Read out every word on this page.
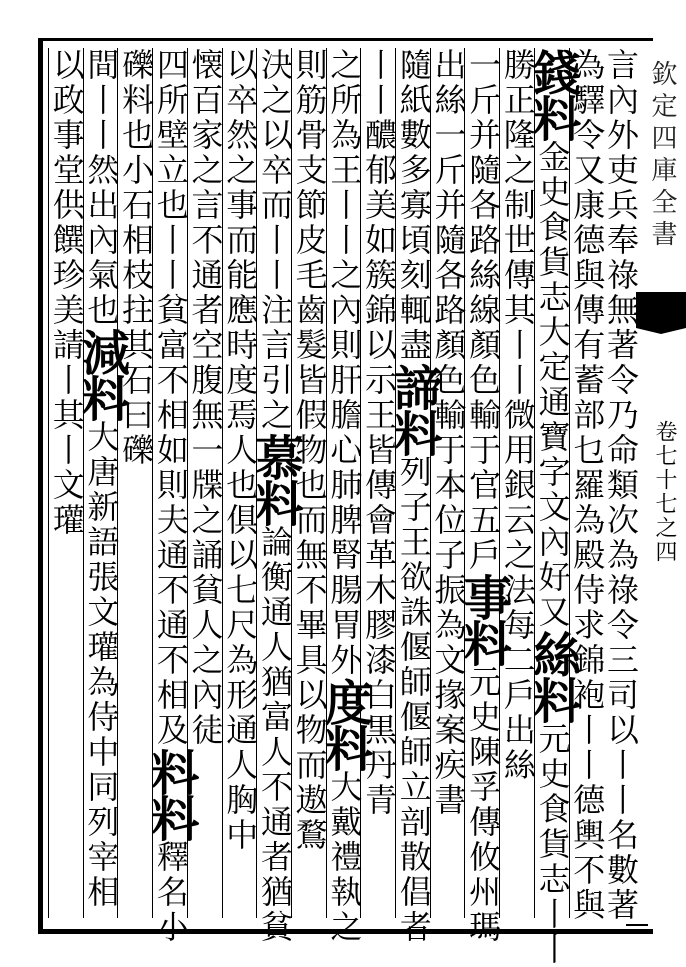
欽定四庫全書
卷七十七之四
言內外吏兵奉祿無著令乃命類次為祿令三司以丨丨名數著
為驛令又康德與傳有蓄部乜羅為殿侍求錦袍丨丨德輿不與
錢料金史食貨志大定通寶字文內好又絲料元史食貨志丨丨
勝正隆之制世傳其丨丨微用銀云之法每二戶出絲
一斤并隨各路絲線顏色輸于官五戶事料元史陳孚傳攸州瑪
出絲一斤并隨各路顏色輸于本位子振為文掾案疾書
隨紙數多寡頃刻輒盡諦料列子王欲誅偃師偃師立剖散倡者
丨丨醲郁美如簇錦以示王皆傳會革木膠漆白黒丹青
之所為王丨丨之內則肝膽心肺脾腎腸胃外度料大戴禮執之
則筋骨支節皮毛齒髮皆假物也而無不畢具以物而遨鶩
決之以卒而丨丨注言引之慕料論衡通人猶富人不通者猶貧
以卒然之事而能應時度焉人也俱以七尺為形通人胸中
懐百家之言不通者空腹無一牒之誦貧人之內徒
四所壁立也丨丨貧富不相如則夫通不通不相及料料釋名小
礫料也小石相枝拄其石曰礫
間丨丨然出內氣也減料大唐新語張文瓘為侍中同列宰相
以政事堂供饌珍美請丨其丨文瓘
